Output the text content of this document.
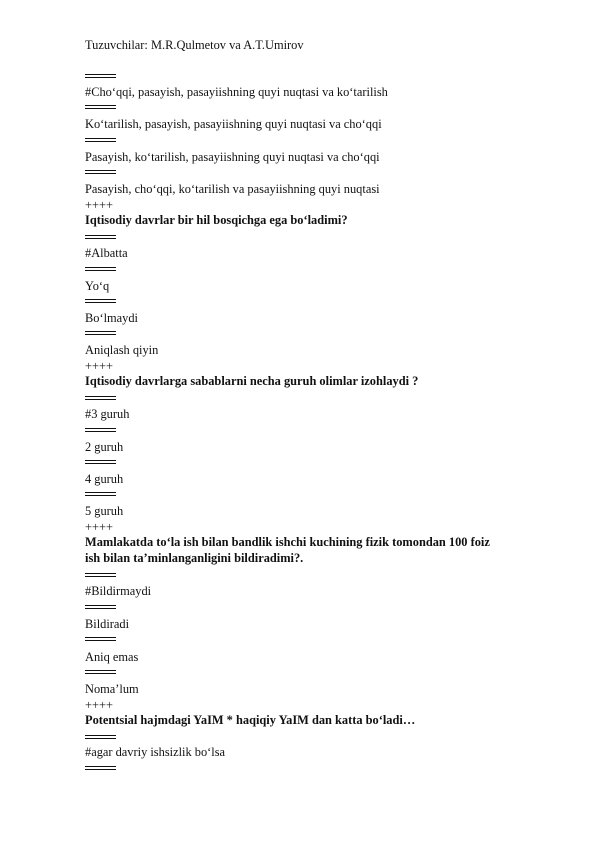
Tuzuvchilar: M.R.Qulmetov va A.T.Umirov
#Cho‘qqi, pasayish, pasayiishning quyi nuqtasi va ko‘tarilish
Ko‘tarilish, pasayish, pasayiishning quyi nuqtasi va cho‘qqi
Pasayish, ko‘tarilish, pasayiishning quyi nuqtasi va cho‘qqi
Pasayish, cho‘qqi, ko‘tarilish va pasayiishning quyi nuqtasi
++++
Iqtisodiy davrlar bir hil bosqichga ega bo‘ladimi?
#Albatta
Yo‘q
Bo‘lmaydi
Aniqlash qiyin
++++
Iqtisodiy davrlarga sabablarni necha guruh olimlar izohlaydi ?
#3 guruh
2 guruh
4 guruh
5 guruh
++++
Mamlakatda to‘la ish bilan bandlik ishchi kuchining fizik tomondan 100 foiz
ish bilan ta’minlanganligini bildiradimi?.
#Bildirmaydi
Bildiradi
Aniq emas
Noma’lum
++++
Potentsial hajmdagi YaIM * haqiqiy YaIM dan katta bo‘ladi…
#agar davriy ishsizlik bo‘lsa
